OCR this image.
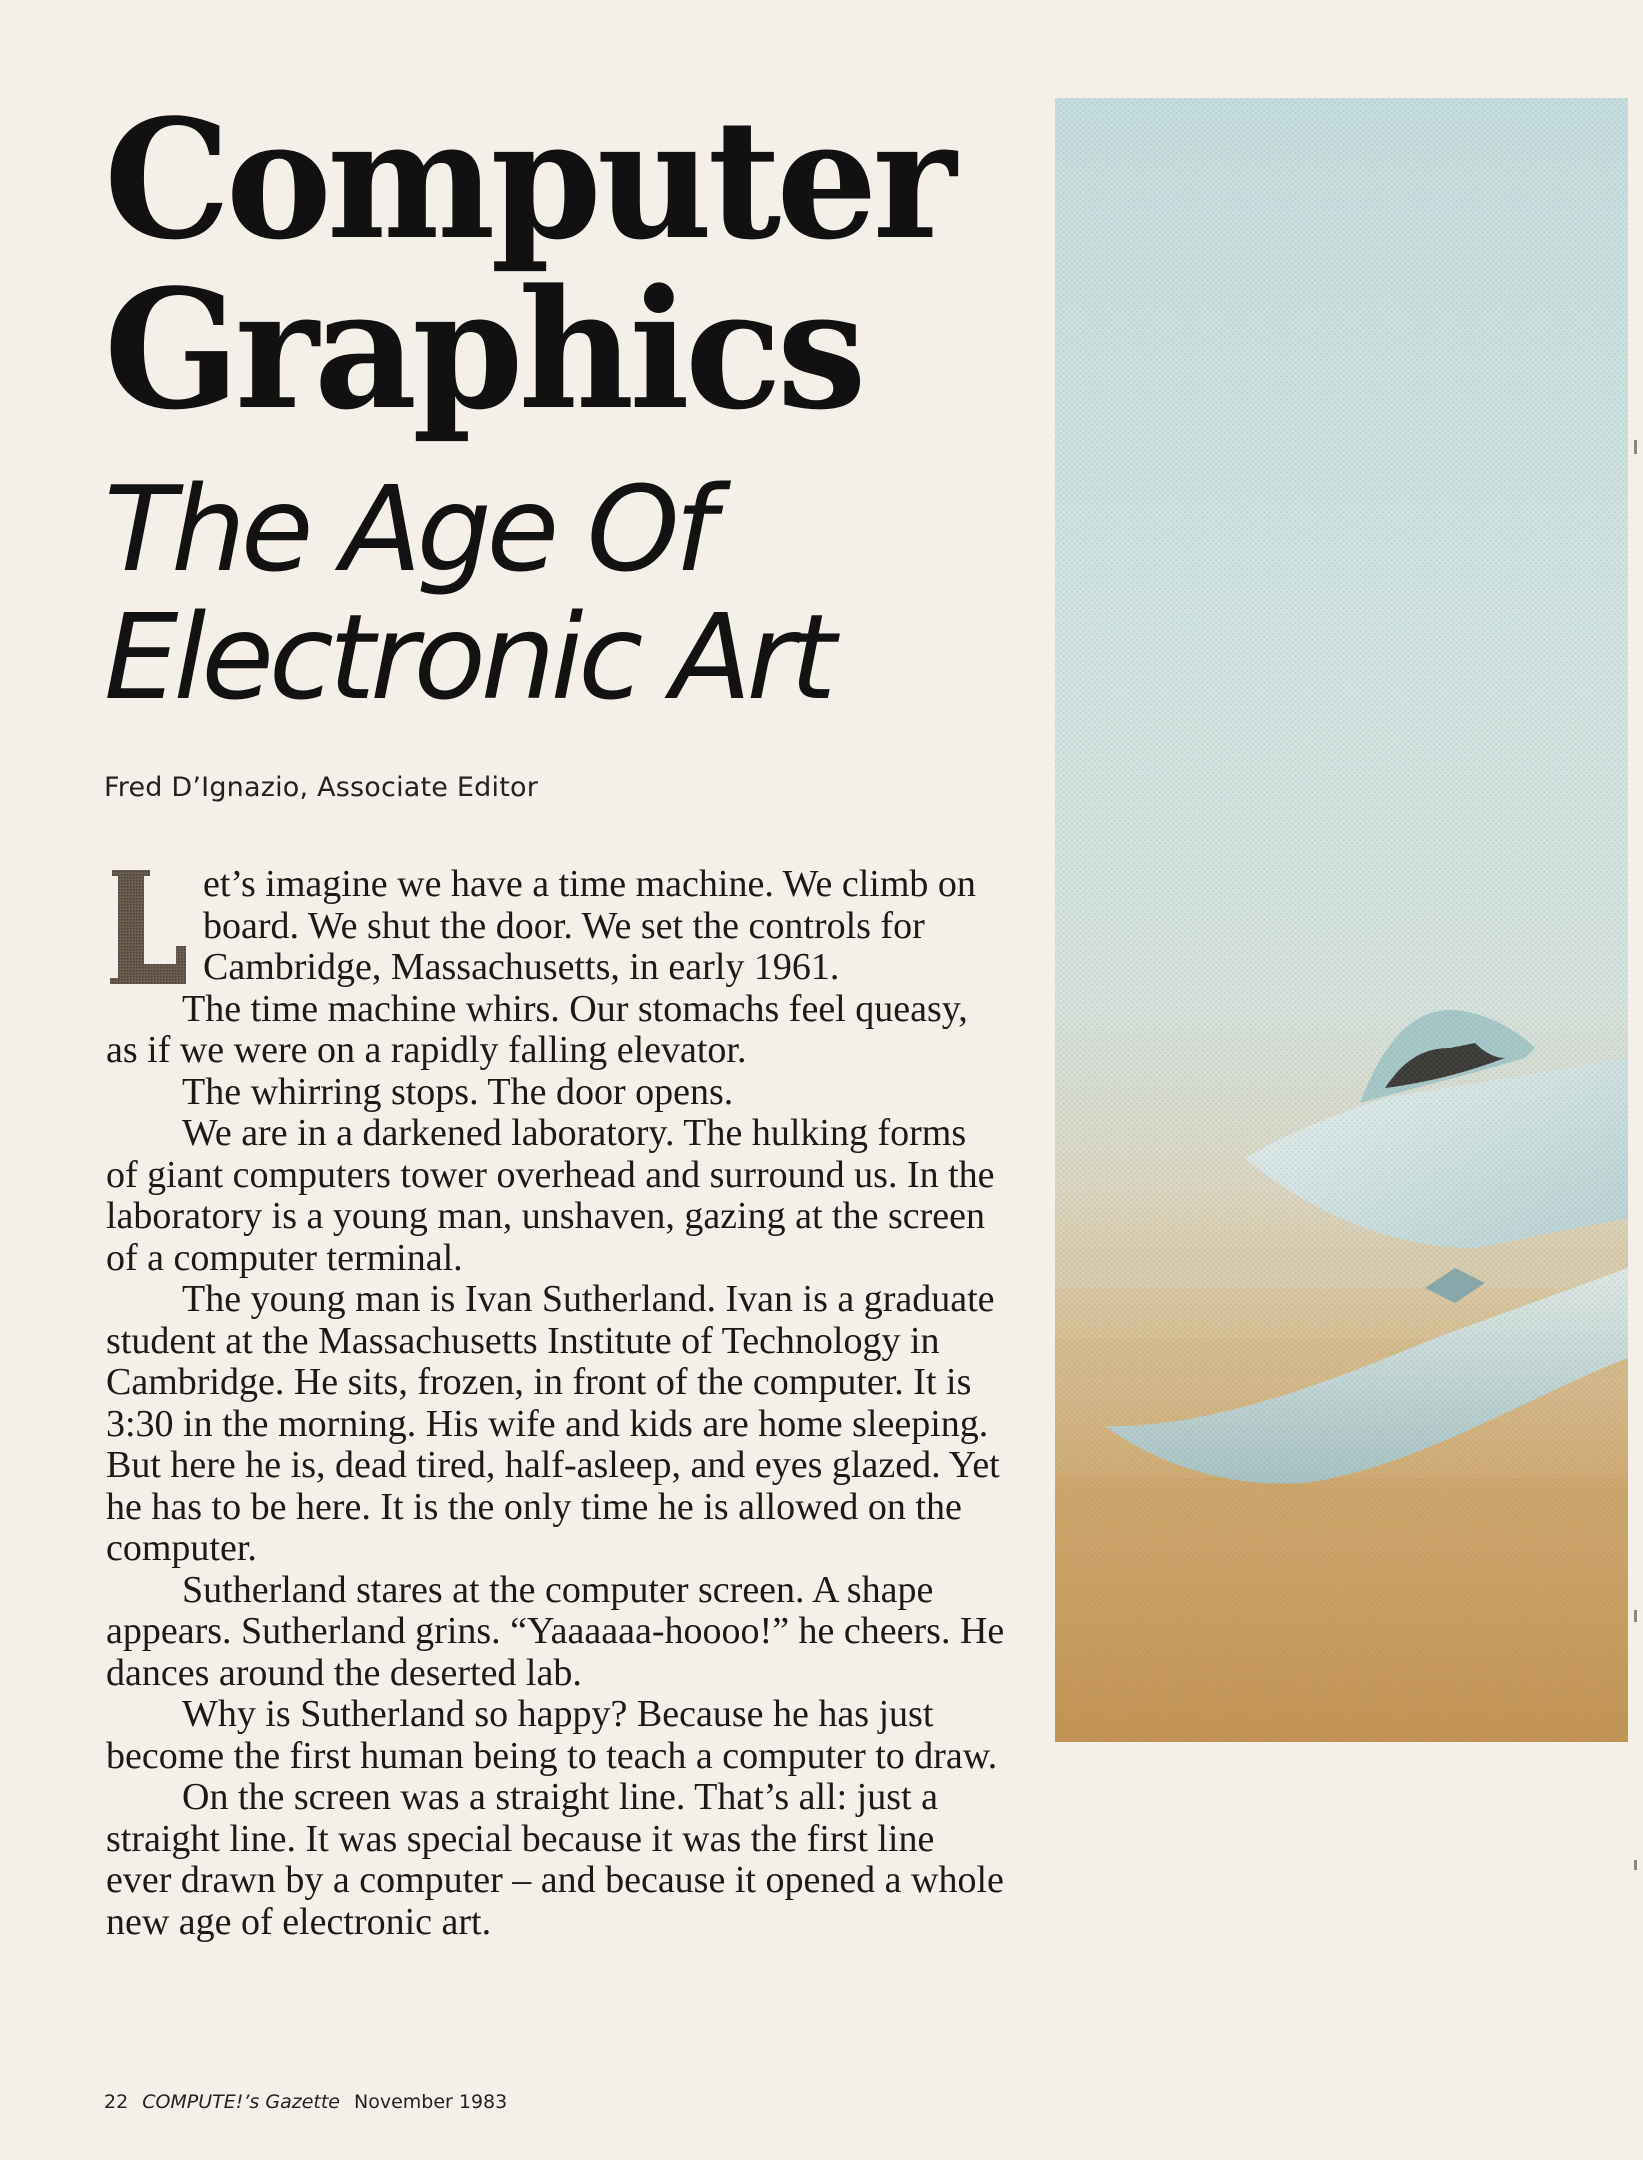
Computer
Graphics
The Age Of
Electronic Art
Fred D’Ignazio, Associate Editor

L	et’s imagine we have a time machine. We climb on board. We shut the door. We set the controls for Cambridge, Massachusetts, in early 1961.

The time machine whirs. Our stomachs feel queasy, as if we were on a rapidly falling elevator.

The whirring stops. The door opens.

We are in a darkened laboratory. The hulking forms of giant computers tower overhead and surround us. In the laboratory is a young man, unshaven, gazing at the screen of a computer terminal.

The young man is Ivan Sutherland. Ivan is a graduate student at the Massachusetts Institute of Technology in Cambridge. He sits, frozen, in front of the computer. It is 3:30 in the morning. His wife and kids are home sleeping. But here he is, dead tired, half-asleep, and eyes glazed. Yet he has to be here. It is the only time he is allowed on the computer.

Sutherland stares at the computer screen. A shape appears. Sutherland grins. “Yaaaaaa-hoooo!” he cheers. He dances around the deserted lab.

Why is Sutherland so happy? Because he has just become the first human being to teach a computer to draw.

On the screen was a straight line. That’s all: just a straight line. It was special because it was the first line ever drawn by a computer – and because it opened a whole new age of electronic art.

22 COMPUTE!’s Gazette November 1983
